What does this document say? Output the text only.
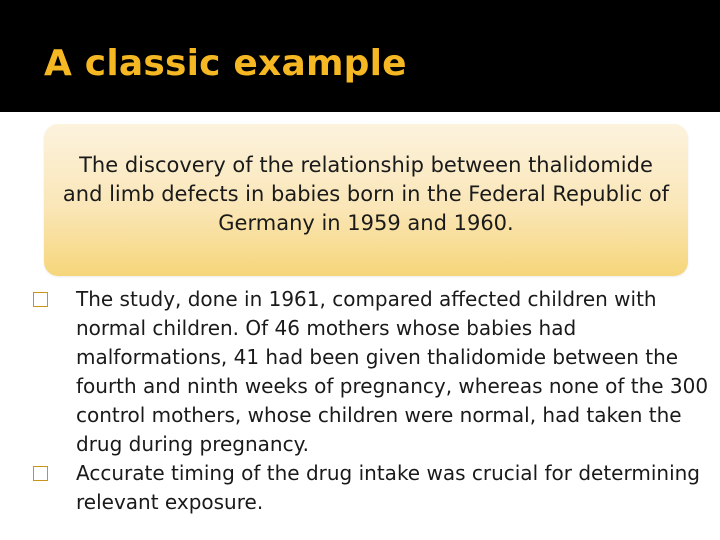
A classic example

The discovery of the relationship between thalidomide and limb defects in babies born in the Federal Republic of Germany in 1959 and 1960.

The study, done in 1961, compared affected children with normal children. Of 46 mothers whose babies had malformations, 41 had been given thalidomide between the fourth and ninth weeks of pregnancy, whereas none of the 300 control mothers, whose children were normal, had taken the drug during pregnancy.
Accurate timing of the drug intake was crucial for determining relevant exposure.
